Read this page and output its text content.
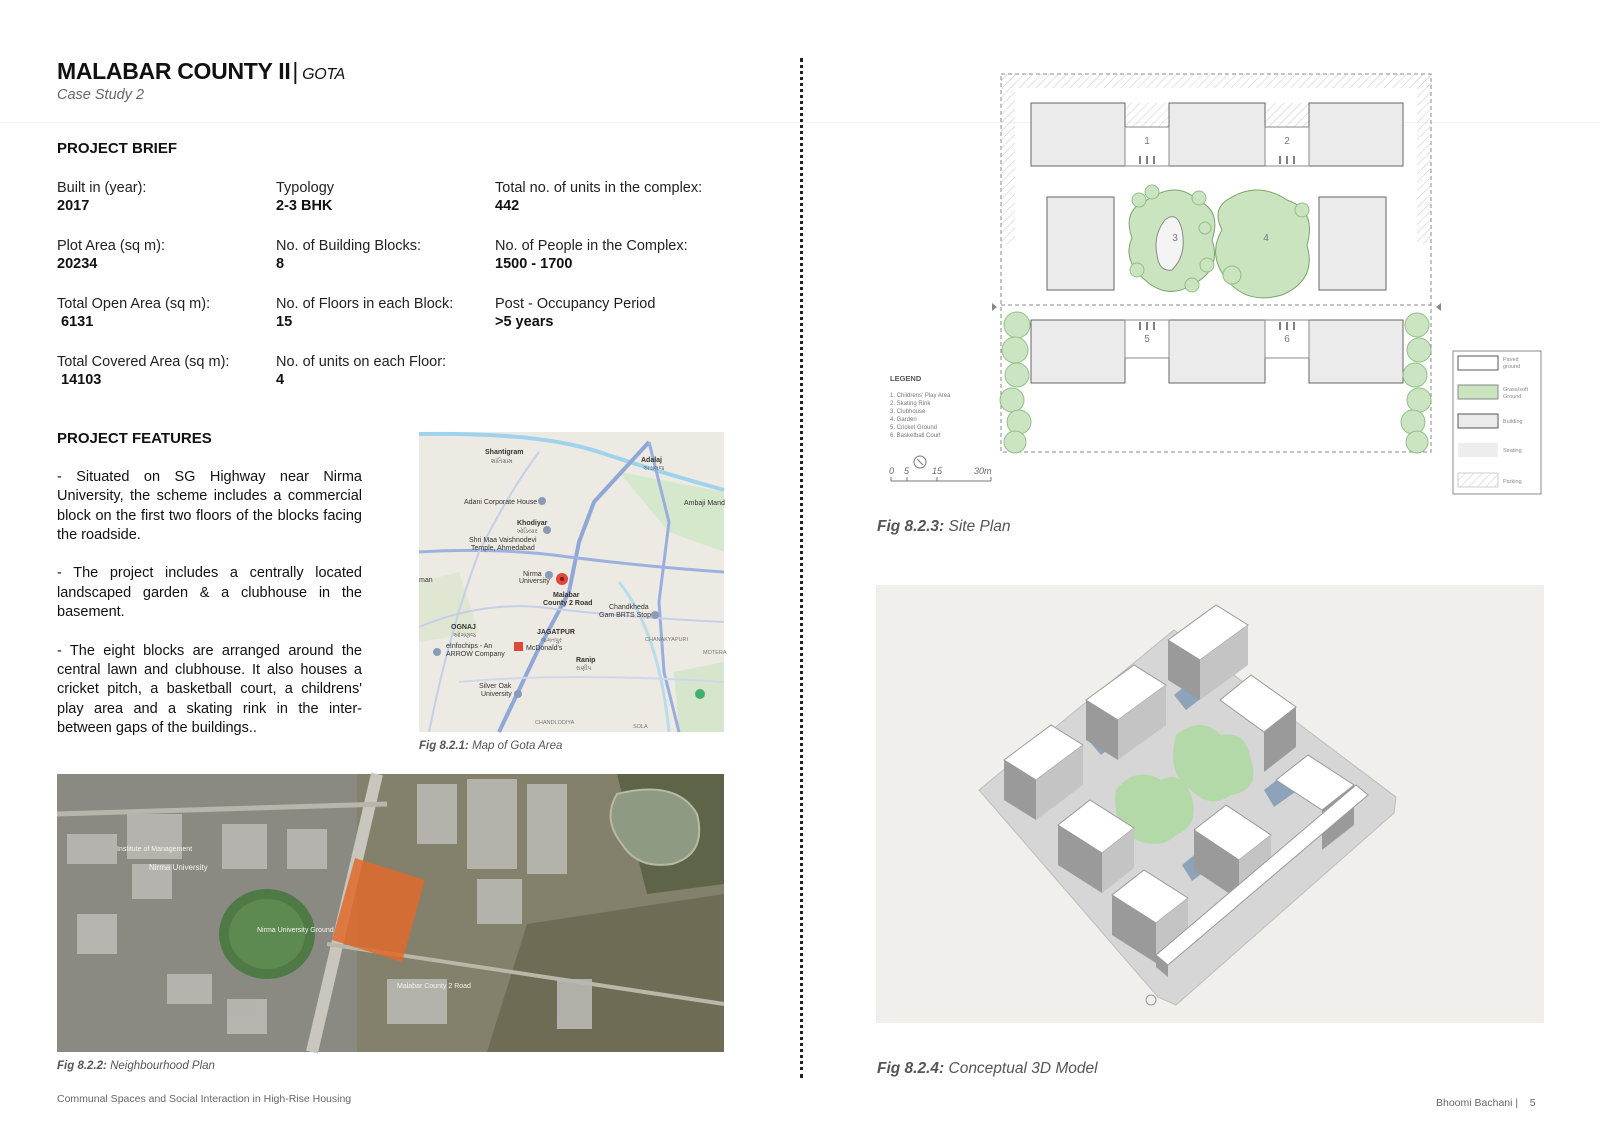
MALABAR COUNTY II| GOTA
Case Study 2
PROJECT BRIEF
Built in (year):
2017
Typology
2-3 BHK
Total no. of units in the complex:
442
Plot Area (sq m):
20234
No. of Building Blocks:
8
No. of People in the Complex:
1500 - 1700
Total Open Area (sq m):
6131
No. of Floors in each Block:
15
Post - Occupancy Period
>5 years
Total Covered Area (sq m):
14103
No. of units on each Floor:
4
PROJECT FEATURES

- Situated on SG Highway near Nirma University, the scheme includes a commercial block on the first two floors of the blocks facing the roadside.

- The project includes a centrally located landscaped garden & a clubhouse in the basement.

- The eight blocks are arranged around the central lawn and clubhouse. It also houses a cricket pitch, a basketball court, a childrens' play area and a skating rink in the inter-between gaps of the buildings..

Shantigram
શાંતિગ્રામ	Adalaj
અડાલજ
Adani Corporate House	Ambaji Mand
Khodiyar
ખોડિયાર
Shri Maa Vaishnodevi
Temple, Ahmedabad
Nirma
University
Malabar
County 2 Road
Chandkheda
Gam BRTS Stop
man
OGNAJ
ઓગણજ	JAGATPUR
જગતપુર	CHANAKYAPURI
eInfochips - An
ARROW Company
McDonald's
Ranip
રાણીપ
MOTERA
Silver Oak
University
CHANDLODIYA
SOLA
Fig 8.2.1: Map of Gota Area
Nirma University
Institute of Management
Nirma University Ground
Malabar County 2 Road
Fig 8.2.2: Neighbourhood Plan
1	2
3	4
5	6
LEGEND
1. Childrens' Play Area
2. Skating Rink
3. Clubhouse
4. Garden
5. Cricket Ground
6. Basketball Court
0 5	15	30m
Paved
ground
Grass/soft
Ground
Building
Seating
Parking
Fig 8.2.3: Site Plan
Fig 8.2.4: Conceptual 3D Model
Communal Spaces and Social Interaction in High-Rise Housing	Bhoomi Bachani | 5
